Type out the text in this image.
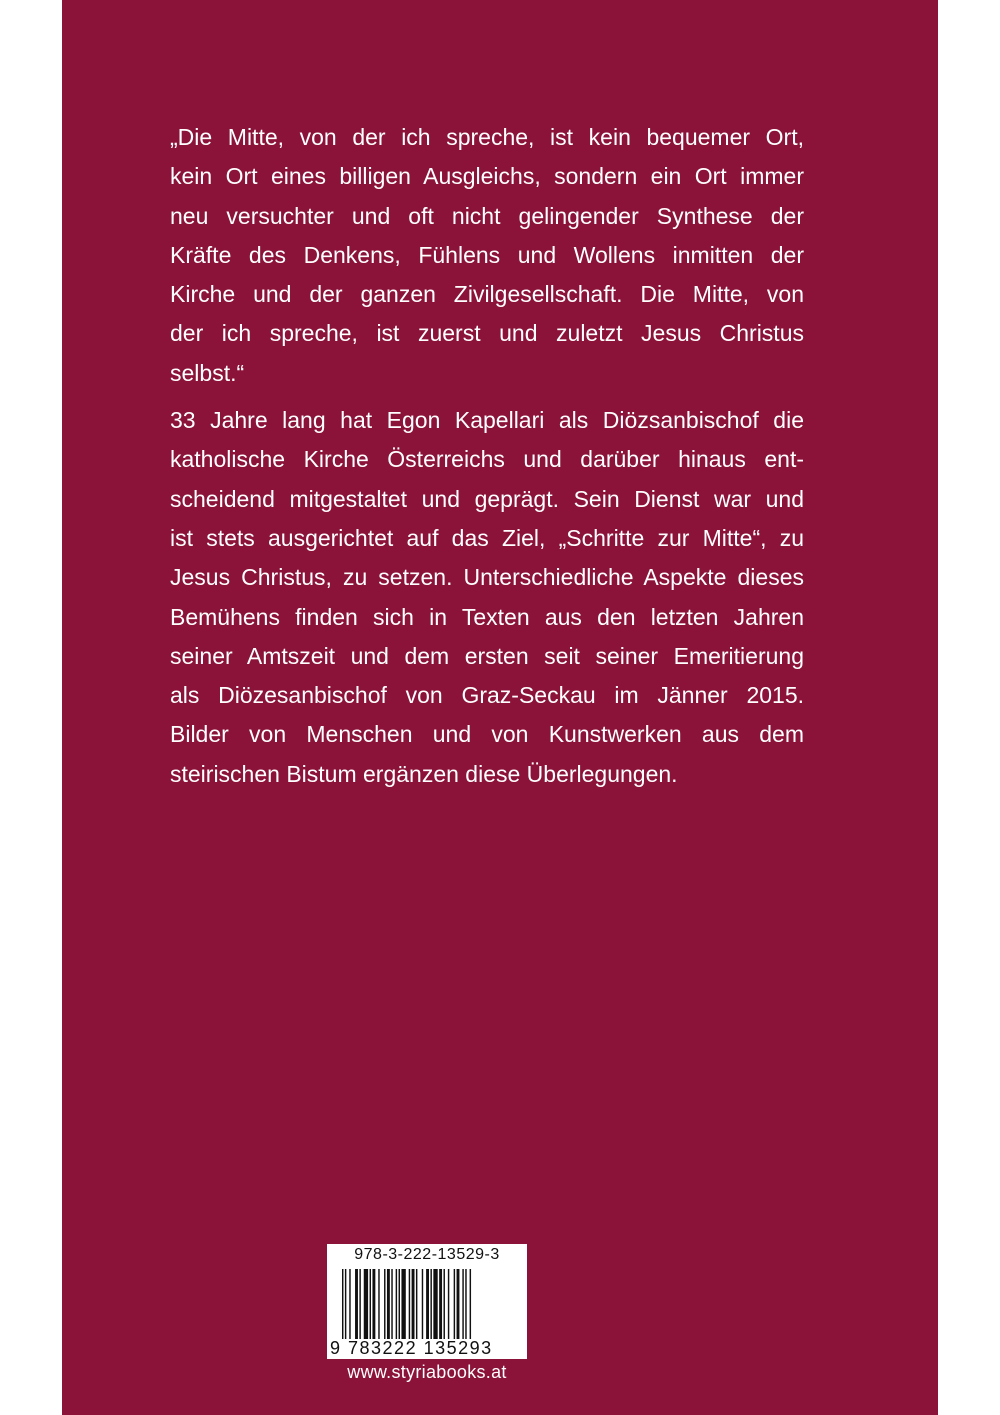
„Die Mitte, von der ich spreche, ist kein bequemer Ort,
kein Ort eines billigen Ausgleichs, sondern ein Ort immer
neu versuchter und oft nicht gelingender Synthese der
Kräfte des Denkens, Fühlens und Wollens inmitten der
Kirche und der ganzen Zivilgesellschaft. Die Mitte, von
der ich spreche, ist zuerst und zuletzt Jesus Christus
selbst.“
33 Jahre lang hat Egon Kapellari als Diözsanbischof die
katholische Kirche Österreichs und darüber hinaus ent-
scheidend mitgestaltet und geprägt. Sein Dienst war und
ist stets ausgerichtet auf das Ziel, „Schritte zur Mitte“, zu
Jesus Christus, zu setzen. Unterschiedliche Aspekte dieses
Bemühens finden sich in Texten aus den letzten Jahren
seiner Amtszeit und dem ersten seit seiner Emeritierung
als Diözesanbischof von Graz-Seckau im Jänner 2015.
Bilder von Menschen und von Kunstwerken aus dem
steirischen Bistum ergänzen diese Überlegungen.
978-3-222-13529-3
9 783222 135293
www.styriabooks.at
